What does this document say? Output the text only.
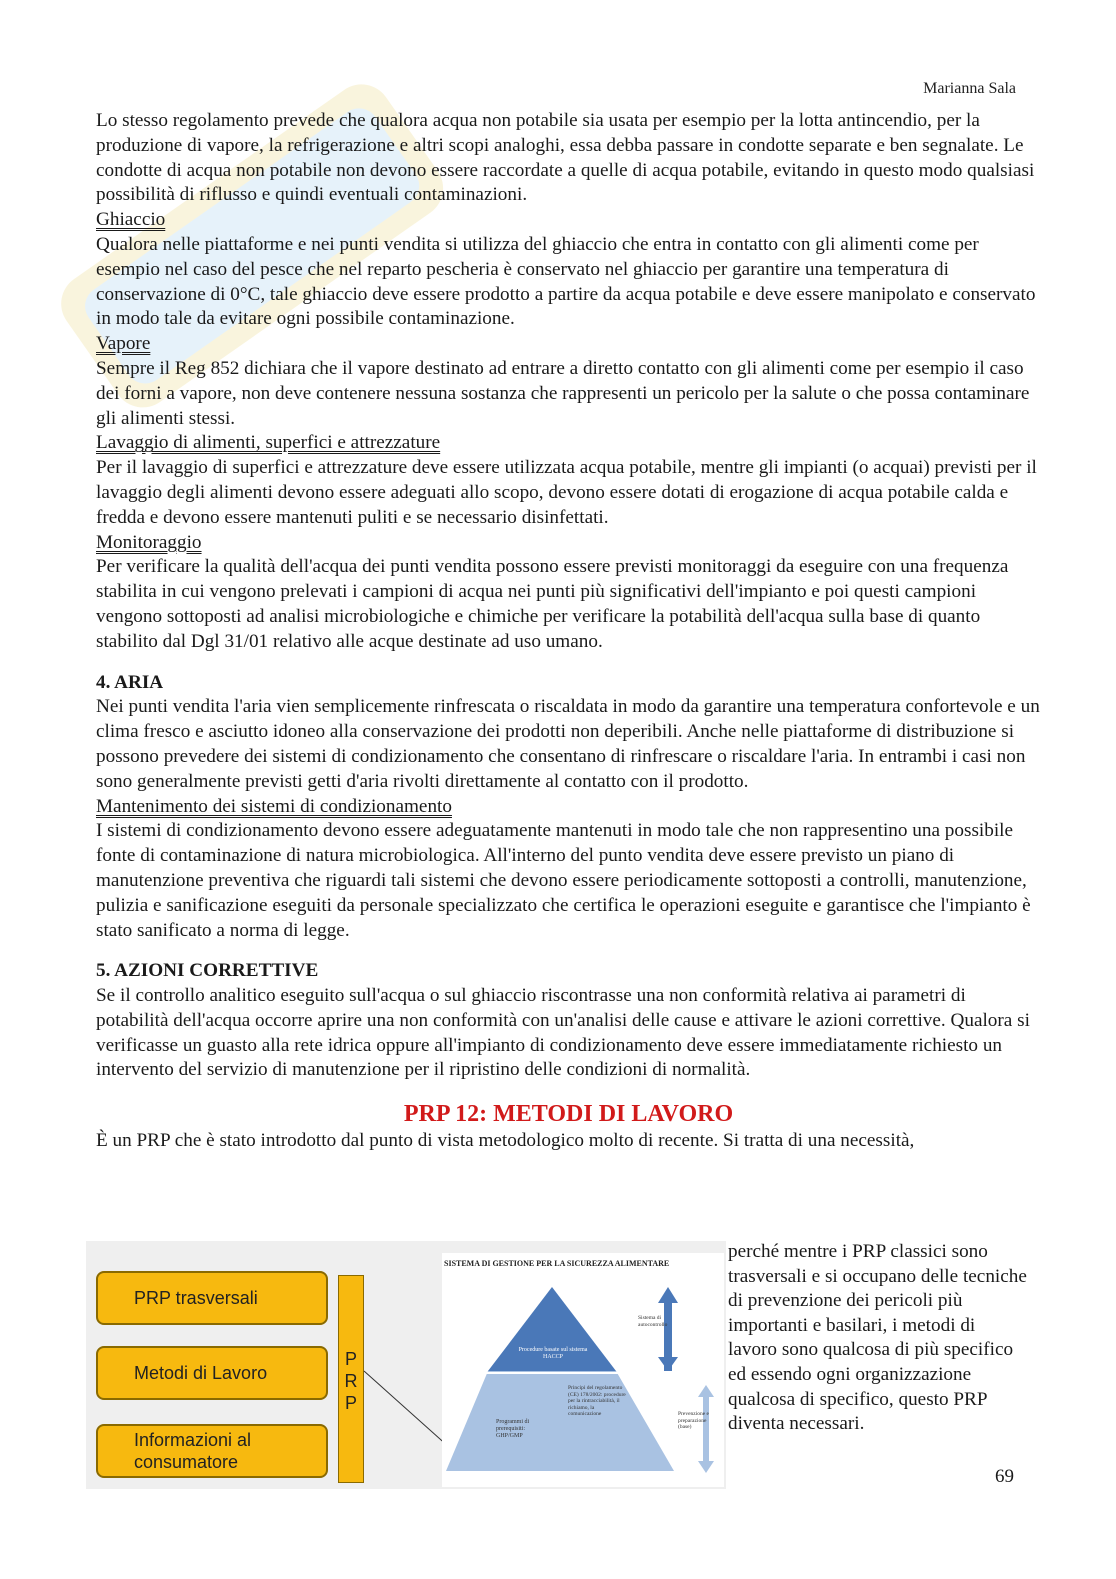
Marianna Sala

Lo stesso regolamento prevede che qualora acqua non potabile sia usata per esempio per la lotta antincendio, per la produzione di vapore, la refrigerazione e altri scopi analoghi, essa debba passare in condotte separate e ben segnalate. Le condotte di acqua non potabile non devono essere raccordate a quelle di acqua potabile, evitando in questo modo qualsiasi possibilità di riflusso e quindi eventuali contaminazioni.

Ghiaccio

Qualora nelle piattaforme e nei punti vendita si utilizza del ghiaccio che entra in contatto con gli alimenti come per esempio nel caso del pesce che nel reparto pescheria è conservato nel ghiaccio per garantire una temperatura di conservazione di 0°C, tale ghiaccio deve essere prodotto a partire da acqua potabile e deve essere manipolato e conservato in modo tale da evitare ogni possibile contaminazione.

Vapore

Sempre il Reg 852 dichiara che il vapore destinato ad entrare a diretto contatto con gli alimenti come per esempio il caso dei forni a vapore, non deve contenere nessuna sostanza che rappresenti un pericolo per la salute o che possa contaminare gli alimenti stessi.

Lavaggio di alimenti, superfici e attrezzature

Per il lavaggio di superfici e attrezzature deve essere utilizzata acqua potabile, mentre gli impianti (o acquai) previsti per il lavaggio degli alimenti devono essere adeguati allo scopo, devono essere dotati di erogazione di acqua potabile calda e fredda e devono essere mantenuti puliti e se necessario disinfettati.

Monitoraggio

Per verificare la qualità dell'acqua dei punti vendita possono essere previsti monitoraggi da eseguire con una frequenza stabilita in cui vengono prelevati i campioni di acqua nei punti più significativi dell'impianto e poi questi campioni vengono sottoposti ad analisi microbiologiche e chimiche per verificare la potabilità dell'acqua sulla base di quanto stabilito dal Dgl 31/01 relativo alle acque destinate ad uso umano.

4. ARIA

Nei punti vendita l'aria vien semplicemente rinfrescata o riscaldata in modo da garantire una temperatura confortevole e un clima fresco e asciutto idoneo alla conservazione dei prodotti non deperibili. Anche nelle piattaforme di distribuzione si possono prevedere dei sistemi di condizionamento che consentano di rinfrescare o riscaldare l'aria. In entrambi i casi non sono generalmente previsti getti d'aria rivolti direttamente al contatto con il prodotto.

Mantenimento dei sistemi di condizionamento

I sistemi di condizionamento devono essere adeguatamente mantenuti in modo tale che non rappresentino una possibile fonte di contaminazione di natura microbiologica. All'interno del punto vendita deve essere previsto un piano di manutenzione preventiva che riguardi tali sistemi che devono essere periodicamente sottoposti a controlli, manutenzione, pulizia e sanificazione eseguiti da personale specializzato che certifica le operazioni eseguite e garantisce che l'impianto è stato sanificato a norma di legge.

5. AZIONI CORRETTIVE

Se il controllo analitico eseguito sull'acqua o sul ghiaccio riscontrasse una non conformità relativa ai parametri di potabilità dell'acqua occorre aprire una non conformità con un'analisi delle cause e attivare le azioni correttive. Qualora si verificasse un guasto alla rete idrica oppure all'impianto di condizionamento deve essere immediatamente richiesto un intervento del servizio di manutenzione per il ripristino delle condizioni di normalità.

PRP 12: METODI DI LAVORO

È un PRP che è stato introdotto dal punto di vista metodologico molto di recente. Si tratta di una necessità,

PRP trasversali
Metodi di Lavoro
Informazioni al consumatore
P
R
P
SISTEMA DI GESTIONE PER LA SICUREZZA ALIMENTARE
Procedure basate sul sistema HACCP
Principi del regolamento (CE) 178/2002: procedure per la rintracciabilità, il richiamo, la comunicazione
Programmi di prerequisiti: GHP/GMP
Sistema di autocontrollo
Prevenzione e preparazione (base)
perché mentre i PRP classici sono trasversali e si occupano delle tecniche di prevenzione dei pericoli più importanti e basilari, i metodi di lavoro sono qualcosa di più specifico ed essendo ogni organizzazione qualcosa di specifico, questo PRP diventa necessari.
69
